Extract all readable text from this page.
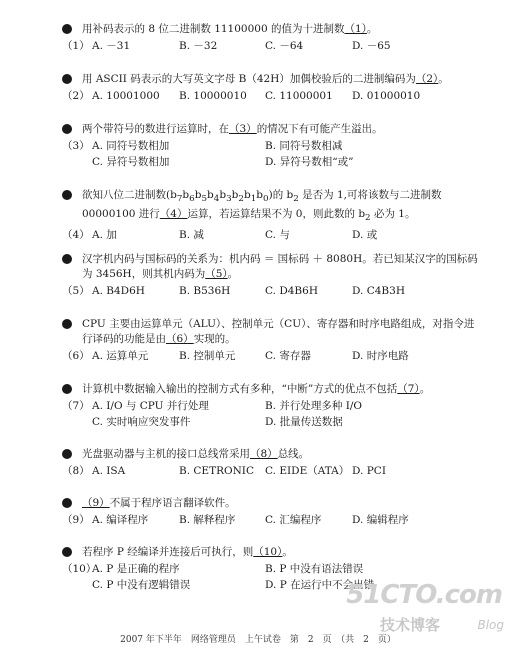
用补码表示的 8 位二进制数 11100000 的值为十进制数（1）。
（1） A. －31	B. －32	C. －64	D. －65
用 ASCII 码表示的大写英文字母 B（42H）加偶校验后的二进制编码为（2）。
（2） A. 10001000 B. 10000010 C. 11000001 D. 01000010
两个带符号的数进行运算时，在（3）的情况下有可能产生溢出。
（3） A. 同符号数相加	B. 同符号数相减
C. 异符号数相加	D. 异符号数相“或”
欲知八位二进制数$(b_7b_6b_5b_4b_3b_2b_1b_0)$的 $b_2$ 是否为 1,可将该数与二进制数 00000100 进行（4）运算，若运算结果不为 0，则此数的 $b_2$ 必为 1。
（4） A. 加	B. 减	C. 与	D. 或
汉字机内码与国标码的关系为：机内码 ＝ 国标码 ＋ 8080H。若已知某汉字的国标码为 3456H，则其机内码为（5）。
（5） A. B4D6H	B. B536H	C. D4B6H	D. C4B3H
CPU 主要由运算单元（ALU）、控制单元（CU）、寄存器和时序电路组成，对指令进行译码的功能是由（6）实现的。
（6） A. 运算单元	B. 控制单元	C. 寄存器	D. 时序电路
计算机中数据输入输出的控制方式有多种，“中断”方式的优点不包括（7）。
（7） A. I/O 与 CPU 并行处理	B. 并行处理多种 I/O
C. 实时响应突发事件	D. 批量传送数据
光盘驱动器与主机的接口总线常采用（8）总线。
（8） A. ISA	B. CETRONIC C. EIDE（ATA） D. PCI
（9）不属于程序语言翻译软件。
（9） A. 编译程序	B. 解释程序	C. 汇编程序	D. 编辑程序
若程序 P 经编译并连接后可执行，则（10）。
（10）
A. P 是正确的程序	B. P 中没有语法错误
C. P 中没有逻辑错误	D. P 在运行中不会出错
51CTO.com
技术博客	Blog
2007 年下半年　网络管理员　上午试卷　第　2　页　（共　2　页）
